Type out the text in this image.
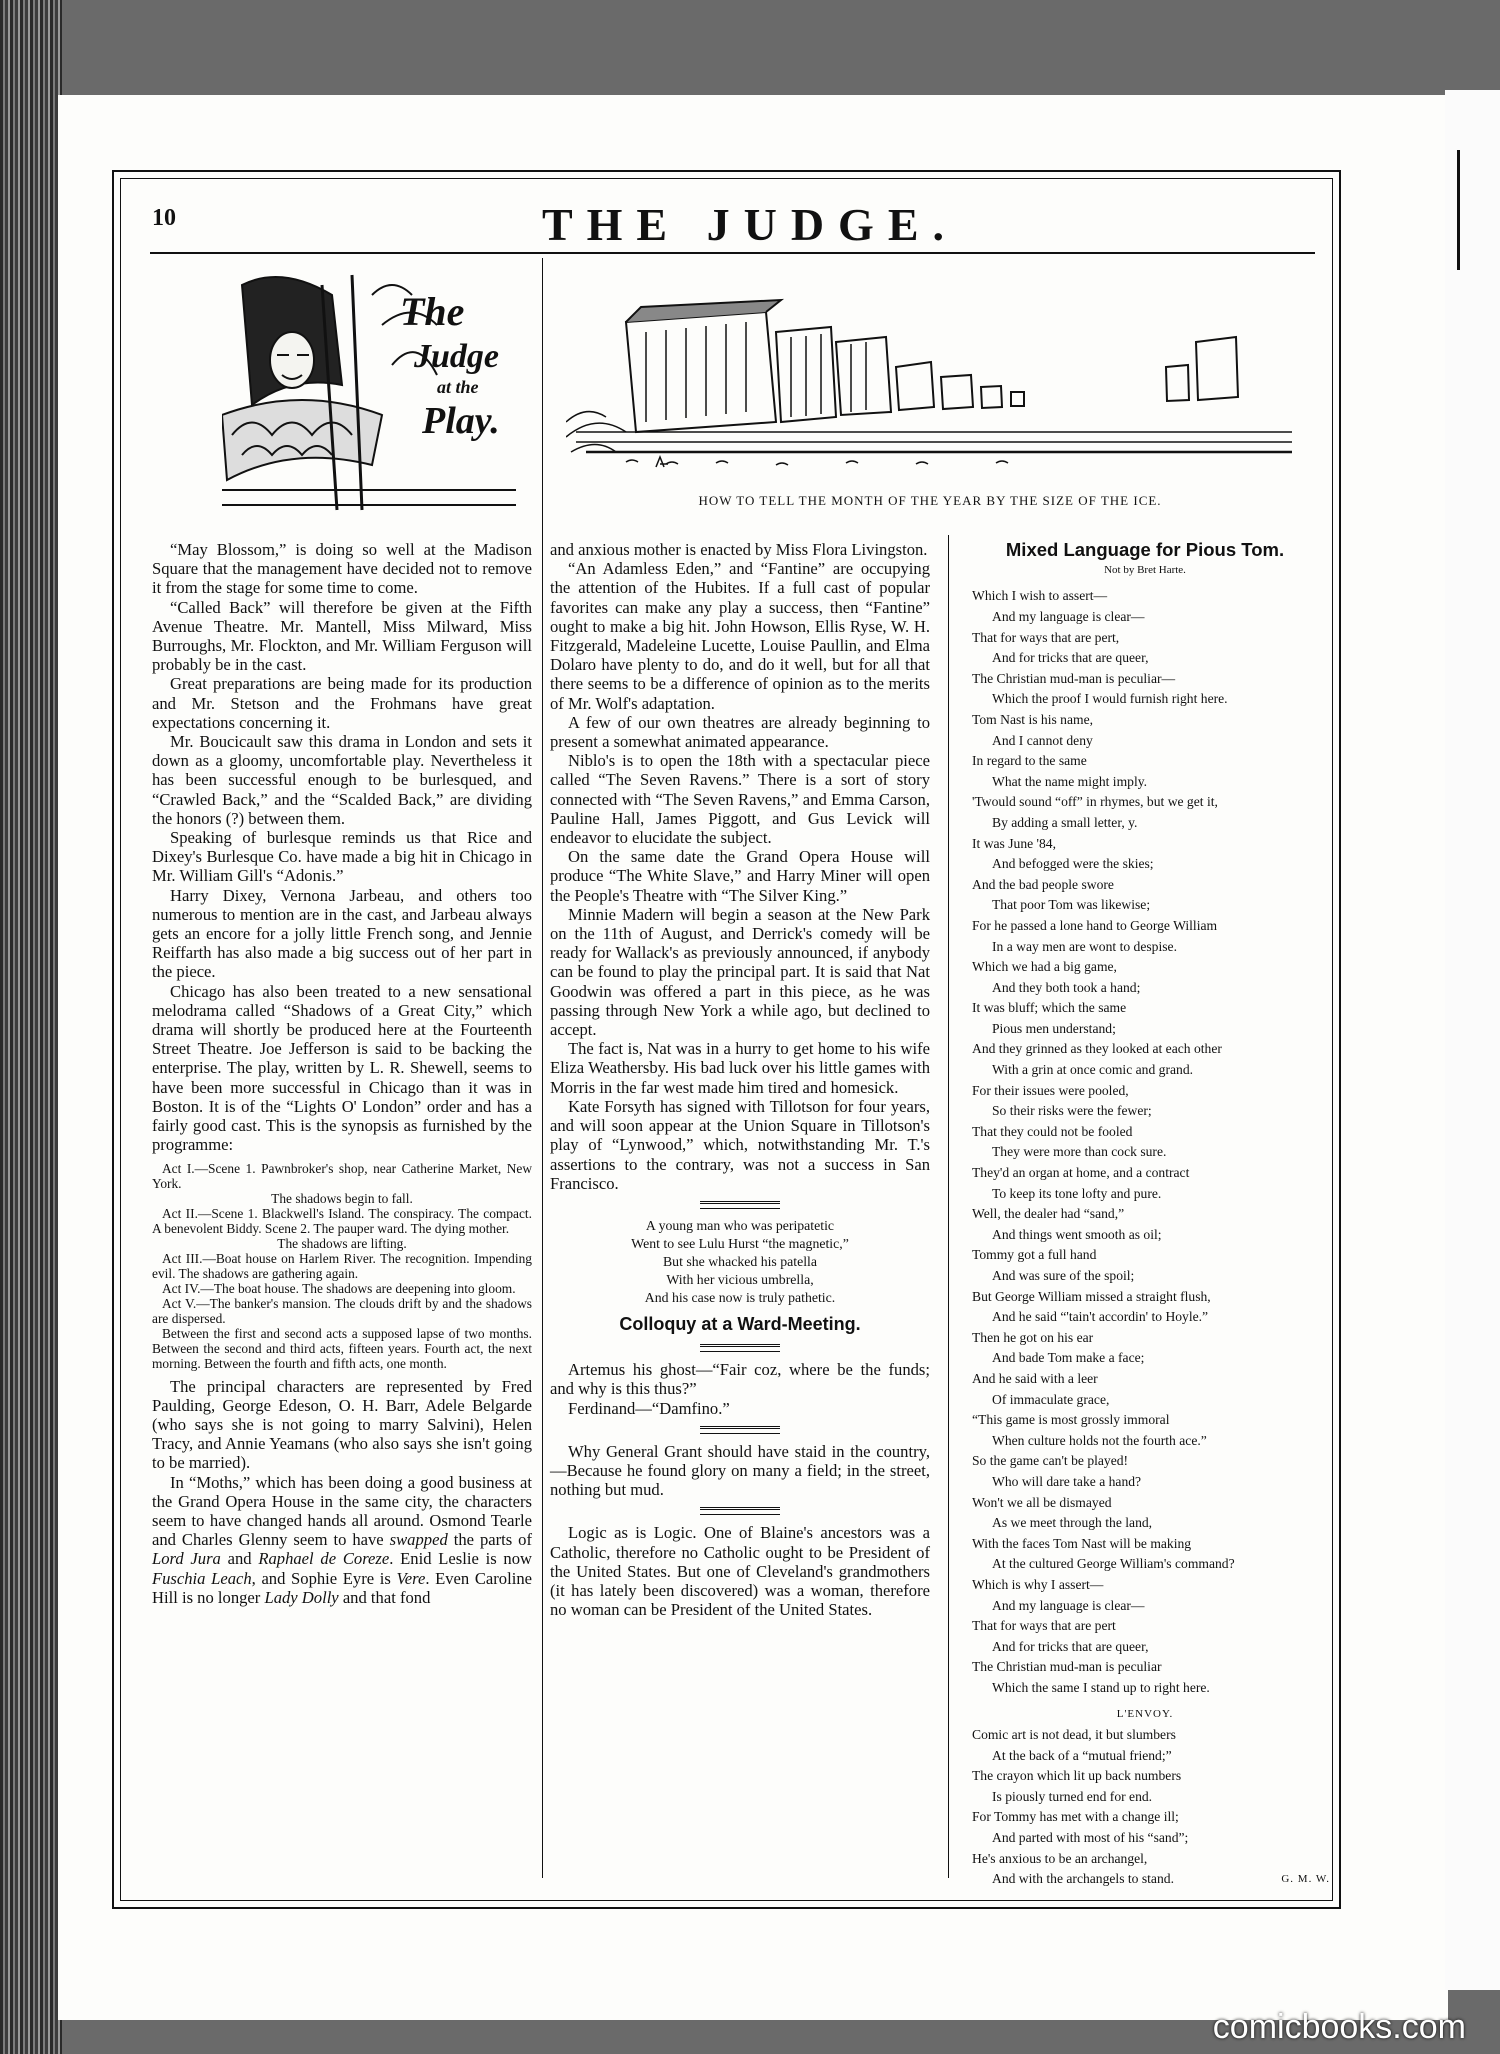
10	THE JUDGE.
The
Judge
at the
Play.
HOW TO TELL THE MONTH OF THE YEAR BY THE SIZE OF THE ICE.

“May Blossom,” is doing so well at the Madison Square that the management have decided not to remove it from the stage for some time to come.

“Called Back” will therefore be given at the Fifth Avenue Theatre. Mr. Mantell, Miss Milward, Miss Burroughs, Mr. Flockton, and Mr. William Ferguson will probably be in the cast.

Great preparations are being made for its production and Mr. Stetson and the Frohmans have great expectations concerning it.

Mr. Boucicault saw this drama in London and sets it down as a gloomy, uncomfortable play. Nevertheless it has been successful enough to be burlesqued, and “Crawled Back,” and the “Scalded Back,” are dividing the honors (?) between them.

Speaking of burlesque reminds us that Rice and Dixey's Burlesque Co. have made a big hit in Chicago in Mr. William Gill's “Adonis.”

Harry Dixey, Vernona Jarbeau, and others too numerous to mention are in the cast, and Jarbeau always gets an encore for a jolly little French song, and Jennie Reiffarth has also made a big success out of her part in the piece.

Chicago has also been treated to a new sensational melodrama called “Shadows of a Great City,” which drama will shortly be produced here at the Fourteenth Street Theatre. Joe Jefferson is said to be backing the enterprise. The play, written by L. R. Shewell, seems to have been more successful in Chicago than it was in Boston. It is of the “Lights O' London” order and has a fairly good cast. This is the synopsis as furnished by the programme:

Act I.—Scene 1. Pawnbroker's shop, near Catherine Market, New York.
The shadows begin to fall.
Act II.—Scene 1. Blackwell's Island. The conspiracy. The compact. A benevolent Biddy. Scene 2. The pauper ward. The dying mother.
The shadows are lifting.
Act III.—Boat house on Harlem River. The recognition. Impending evil. The shadows are gathering again.
Act IV.—The boat house. The shadows are deepening into gloom.
Act V.—The banker's mansion. The clouds drift by and the shadows are dispersed.
Between the first and second acts a supposed lapse of two months. Between the second and third acts, fifteen years. Fourth act, the next morning. Between the fourth and fifth acts, one month.

The principal characters are represented by Fred Paulding, George Edeson, O. H. Barr, Adele Belgarde (who says she is not going to marry Salvini), Helen Tracy, and Annie Yeamans (who also says she isn't going to be married).

In “Moths,” which has been doing a good business at the Grand Opera House in the same city, the characters seem to have changed hands all around. Osmond Tearle and Charles Glenny seem to have swapped the parts of Lord Jura and Raphael de Coreze. Enid Leslie is now Fuschia Leach, and Sophie Eyre is Vere. Even Caroline Hill is no longer Lady Dolly and that fond

and anxious mother is enacted by Miss Flora Livingston.

“An Adamless Eden,” and “Fantine” are occupying the attention of the Hubites. If a full cast of popular favorites can make any play a success, then “Fantine” ought to make a big hit. John Howson, Ellis Ryse, W. H. Fitzgerald, Madeleine Lucette, Louise Paullin, and Elma Dolaro have plenty to do, and do it well, but for all that there seems to be a difference of opinion as to the merits of Mr. Wolf's adaptation.

A few of our own theatres are already beginning to present a somewhat animated appearance.

Niblo's is to open the 18th with a spectacular piece called “The Seven Ravens.” There is a sort of story connected with “The Seven Ravens,” and Emma Carson, Pauline Hall, James Piggott, and Gus Levick will endeavor to elucidate the subject.

On the same date the Grand Opera House will produce “The White Slave,” and Harry Miner will open the People's Theatre with “The Silver King.”

Minnie Madern will begin a season at the New Park on the 11th of August, and Derrick's comedy will be ready for Wallack's as previously announced, if anybody can be found to play the principal part. It is said that Nat Goodwin was offered a part in this piece, as he was passing through New York a while ago, but declined to accept.

The fact is, Nat was in a hurry to get home to his wife Eliza Weathersby. His bad luck over his little games with Morris in the far west made him tired and homesick.

Kate Forsyth has signed with Tillotson for four years, and will soon appear at the Union Square in Tillotson's play of “Lynwood,” which, notwithstanding Mr. T.'s assertions to the contrary, was not a success in San Francisco.

A young man who was peripatetic
Went to see Lulu Hurst “the magnetic,”
But she whacked his patella
With her vicious umbrella,
And his case now is truly pathetic.
Colloquy at a Ward-Meeting.

Artemus his ghost—“Fair coz, where be the funds; and why is this thus?”

Ferdinand—“Damfino.”

Why General Grant should have staid in the country,—Because he found glory on many a field; in the street, nothing but mud.

Logic as is Logic. One of Blaine's ancestors was a Catholic, therefore no Catholic ought to be President of the United States. But one of Cleveland's grandmothers (it has lately been discovered) was a woman, therefore no woman can be President of the United States.

Mixed Language for Pious Tom.
Not by Bret Harte.
Which I wish to assert—
And my language is clear—
That for ways that are pert,
And for tricks that are queer,
The Christian mud-man is peculiar—
Which the proof I would furnish right here.
Tom Nast is his name,
And I cannot deny
In regard to the same
What the name might imply.
'Twould sound “off” in rhymes, but we get it,
By adding a small letter, y.
It was June '84,
And befogged were the skies;
And the bad people swore
That poor Tom was likewise;
For he passed a lone hand to George William
In a way men are wont to despise.
Which we had a big game,
And they both took a hand;
It was bluff; which the same
Pious men understand;
And they grinned as they looked at each other
With a grin at once comic and grand.
For their issues were pooled,
So their risks were the fewer;
That they could not be fooled
They were more than cock sure.
They'd an organ at home, and a contract
To keep its tone lofty and pure.
Well, the dealer had “sand,”
And things went smooth as oil;
Tommy got a full hand
And was sure of the spoil;
But George William missed a straight flush,
And he said “'tain't accordin' to Hoyle.”
Then he got on his ear
And bade Tom make a face;
And he said with a leer
Of immaculate grace,
“This game is most grossly immoral
When culture holds not the fourth ace.”
So the game can't be played!
Who will dare take a hand?
Won't we all be dismayed
As we meet through the land,
With the faces Tom Nast will be making
At the cultured George William's command?
Which is why I assert—
And my language is clear—
That for ways that are pert
And for tricks that are queer,
The Christian mud-man is peculiar
Which the same I stand up to right here.
L'ENVOY.
Comic art is not dead, it but slumbers
At the back of a “mutual friend;”
The crayon which lit up back numbers
Is piously turned end for end.
For Tommy has met with a change ill;
And parted with most of his “sand”;
He's anxious to be an archangel,
And with the archangels to stand.	G. M. W.
comicbooks.com
